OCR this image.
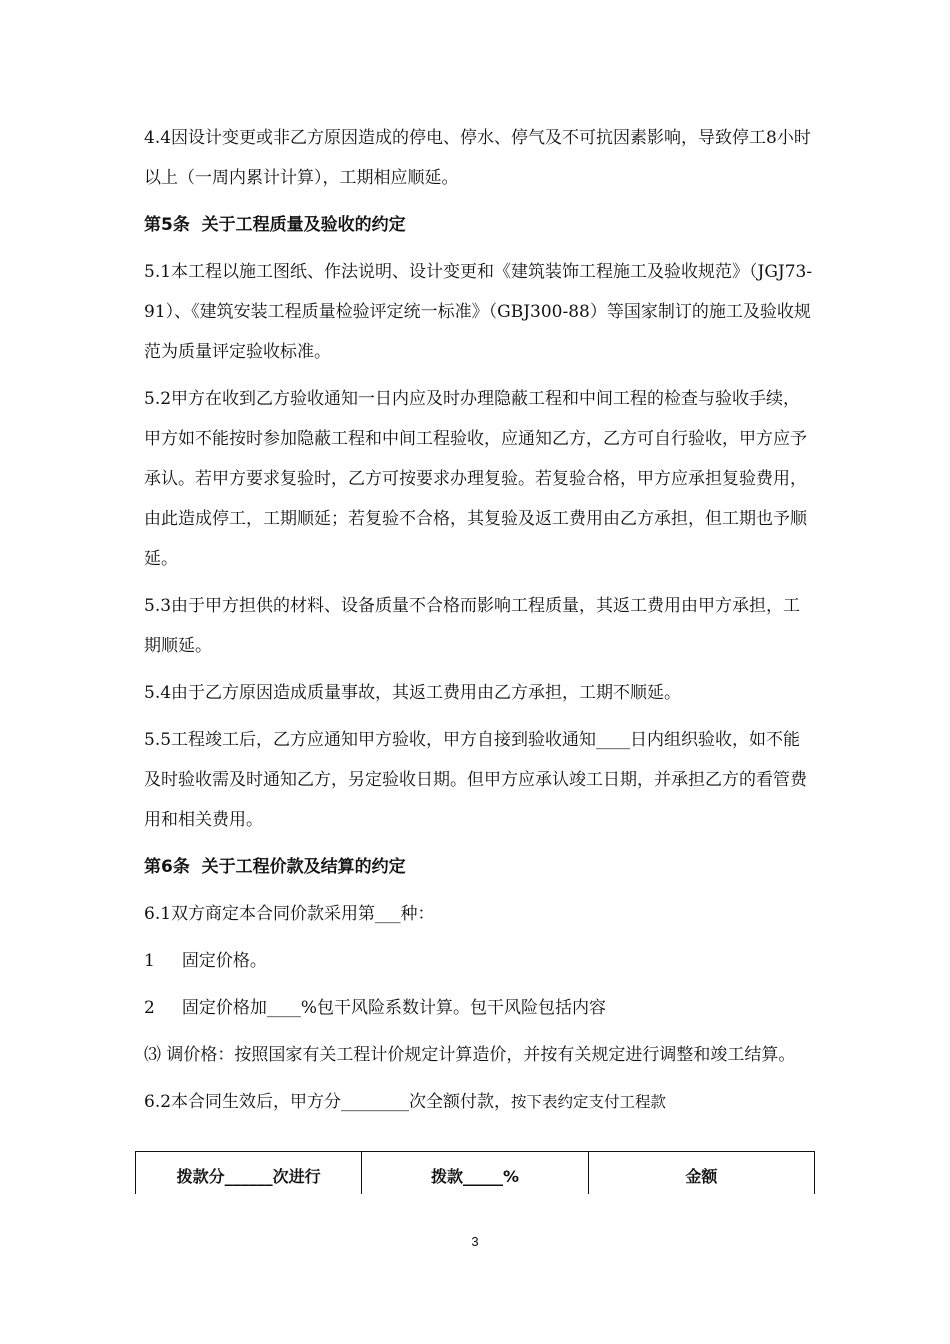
4.4因设计变更或非乙方原因造成的停电、停水、停气及不可抗因素影响，导致停工8小时以上（一周内累计计算），工期相应顺延。

第5条  关于工程质量及验收的约定

5.1本工程以施工图纸、作法说明、设计变更和《建筑装饰工程施工及验收规范》（JGJ73-91）、《建筑安装工程质量检验评定统一标准》（GBJ300-88）等国家制订的施工及验收规范为质量评定验收标准。

5.2甲方在收到乙方验收通知一日内应及时办理隐蔽工程和中间工程的检查与验收手续，甲方如不能按时参加隐蔽工程和中间工程验收，应通知乙方，乙方可自行验收，甲方应予承认。若甲方要求复验时，乙方可按要求办理复验。若复验合格，甲方应承担复验费用，由此造成停工，工期顺延；若复验不合格，其复验及返工费用由乙方承担，但工期也予顺延。

5.3由于甲方担供的材料、设备质量不合格而影响工程质量，其返工费用由甲方承担，工期顺延。

5.4由于乙方原因造成质量事故，其返工费用由乙方承担，工期不顺延。

5.5工程竣工后，乙方应通知甲方验收，甲方自接到验收通知____日内组织验收，如不能及时验收需及时通知乙方，另定验收日期。但甲方应承认竣工日期，并承担乙方的看管费用和相关费用。

第6条  关于工程价款及结算的约定

6.1双方商定本合同价款采用第___种：

1     固定价格。

2     固定价格加____%包干风险系数计算。包干风险包括内容

⑶ 调价格：按照国家有关工程计价规定计算造价，并按有关规定进行调整和竣工结算。

6.2本合同生效后，甲方分________次全额付款，按下表约定支付工程款

拨款分______次进行	拨款_____%	金额
3
